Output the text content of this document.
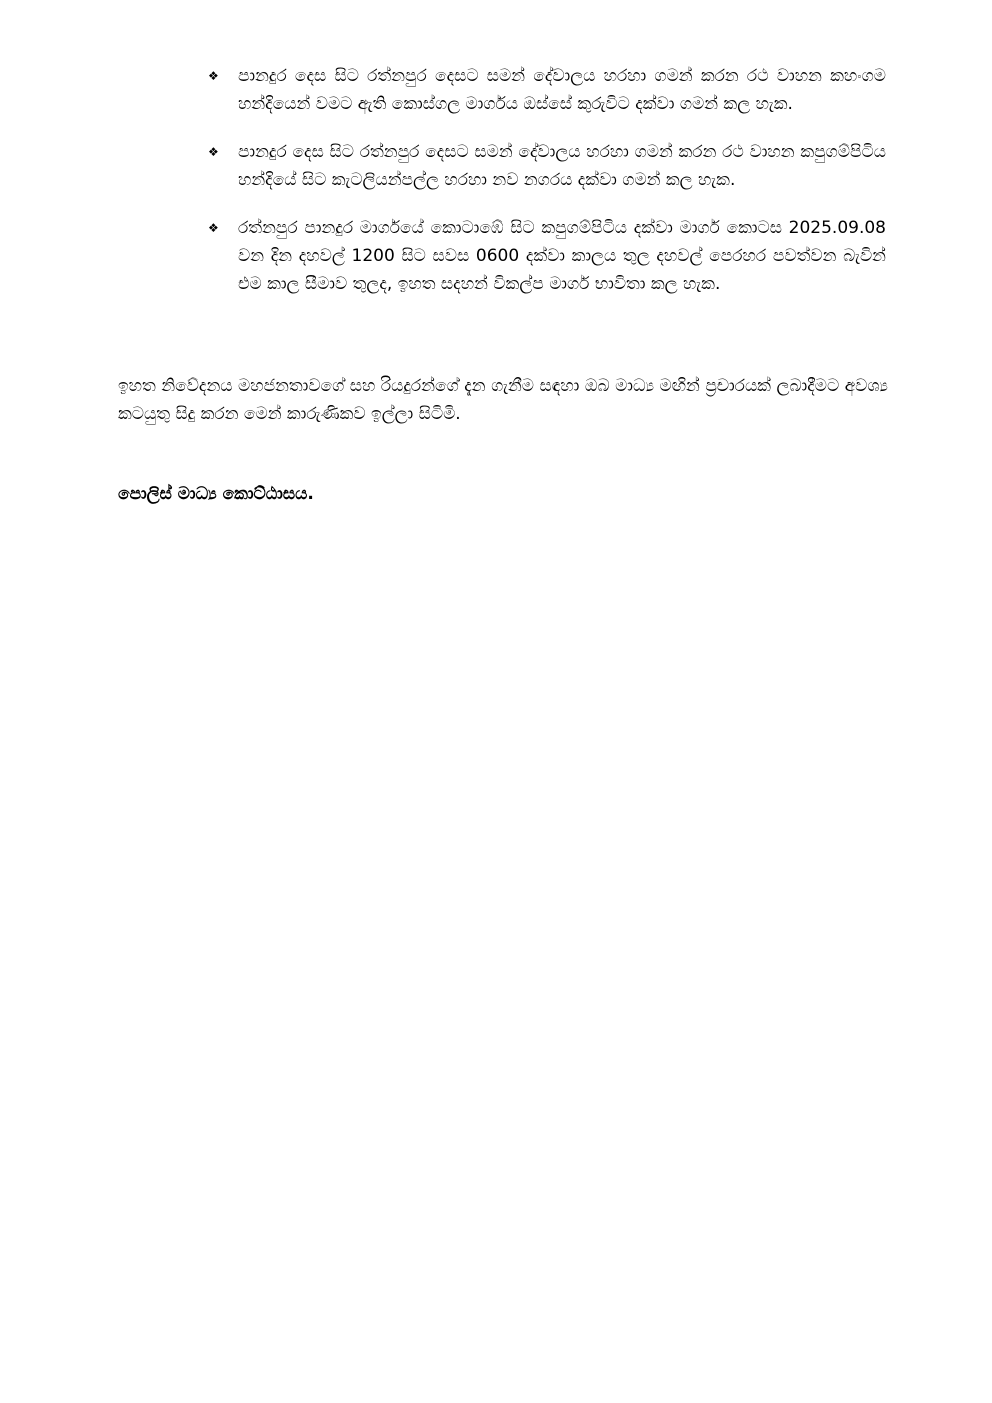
❖ පානදුර දෙස සිට රත්නපුර දෙසට සමන් දේවාලය හරහා ගමන් කරන රථ වාහන කහංගම හන්දියෙන් වමට ඇති කොස්ගල මාර්ගය ඔස්සේ කුරුවිට දක්වා ගමන් කල හැක.
❖ පානදුර දෙස සිට රත්නපුර දෙසට සමන් දේවාලය හරහා ගමන් කරන රථ වාහන කපුගම්පිටිය හන්දියේ සිට කැටලියන්පල්ල හරහා නව නගරය දක්වා ගමන් කල හැක.
❖ රත්නපුර පානදුර මාර්ගයේ කොටාඹේ සිට කපුගම්පිටිය දක්වා මාර්ග කොටස 2025.09.08 වන දින දහවල් 1200 සිට සවස 0600 දක්වා කාලය තුල දහවල් පෙරහර පවත්වන බැවින් එම කාල සීමාව තුලද, ඉහත සදහන් විකල්ප මාර්ග භාවිතා කල හැක.

ඉහත නිවේදනය මහජනතාවගේ සහ රියදුරන්ගේ දැන ගැනීම සඳහා ඔබ මාධ්‍ය මඟින් ප්‍රචාරයක් ලබාදීමට අවශ්‍ය කටයුතු සිදු කරන මෙන් කාරුණිකව ඉල්ලා සිටිමි.

පොලිස් මාධ්‍ය කොට්ඨාසය.
